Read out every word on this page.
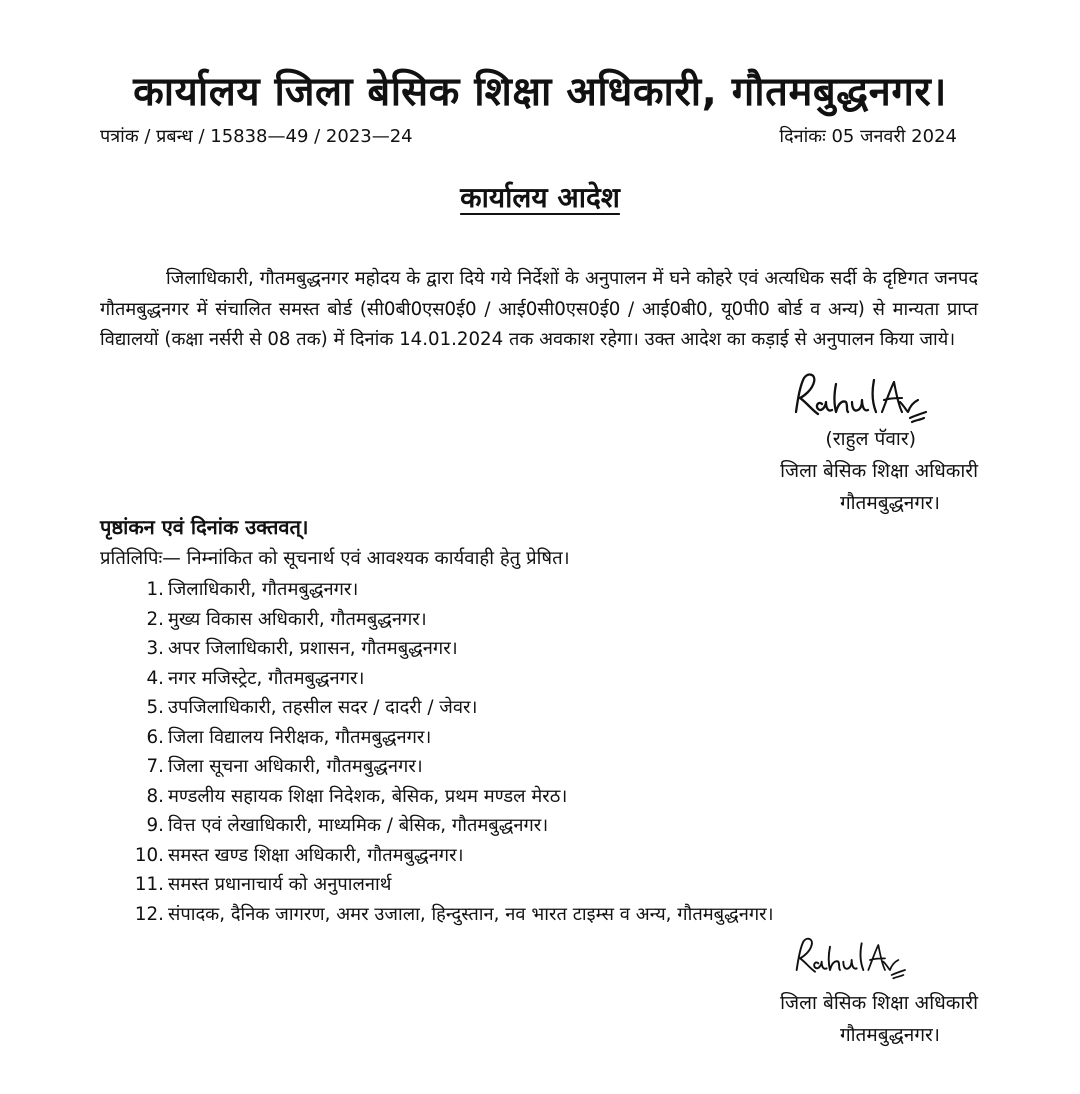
कार्यालय जिला बेसिक शिक्षा अधिकारी, गौतमबुद्धनगर।
पत्रांक / प्रबन्ध / 15838—49 / 2023—24	दिनांकः 05 जनवरी 2024
कार्यालय आदेश

जिलाधिकारी, गौतमबुद्धनगर महोदय के द्वारा दिये गये निर्देशों के अनुपालन में घने कोहरे एवं अत्यधिक सर्दी के दृष्टिगत जनपद गौतमबुद्धनगर में संचालित समस्त बोर्ड (सी0बी0एस0ई0 / आई0सी0एस0ई0 / आई0बी0, यू0पी0 बोर्ड व अन्य) से मान्यता प्राप्त विद्यालयों (कक्षा नर्सरी से 08 तक) में दिनांक 14.01.2024 तक अवकाश रहेगा। उक्त आदेश का कड़ाई से अनुपालन किया जाये।

(राहुल पॅवार)
जिला बेसिक शिक्षा अधिकारी
गौतमबुद्धनगर।
पृष्ठांकन एवं दिनांक उक्तवत्।
प्रतिलिपिः— निम्नांकित को सूचनार्थ एवं आवश्यक कार्यवाही हेतु प्रेषित।
1. जिलाधिकारी, गौतमबुद्धनगर।
2. मुख्य विकास अधिकारी, गौतमबुद्धनगर।
3. अपर जिलाधिकारी, प्रशासन, गौतमबुद्धनगर।
4. नगर मजिस्ट्रेट, गौतमबुद्धनगर।
5. उपजिलाधिकारी, तहसील सदर / दादरी / जेवर।
6. जिला विद्यालय निरीक्षक, गौतमबुद्धनगर।
7. जिला सूचना अधिकारी, गौतमबुद्धनगर।
8. मण्डलीय सहायक शिक्षा निदेशक, बेसिक, प्रथम मण्डल मेरठ।
9. वित्त एवं लेखाधिकारी, माध्यमिक / बेसिक, गौतमबुद्धनगर।
10. समस्त खण्ड शिक्षा अधिकारी, गौतमबुद्धनगर।
11. समस्त प्रधानाचार्य को अनुपालनार्थ
12. संपादक, दैनिक जागरण, अमर उजाला, हिन्दुस्तान, नव भारत टाइम्स व अन्य, गौतमबुद्धनगर।
जिला बेसिक शिक्षा अधिकारी
गौतमबुद्धनगर।
